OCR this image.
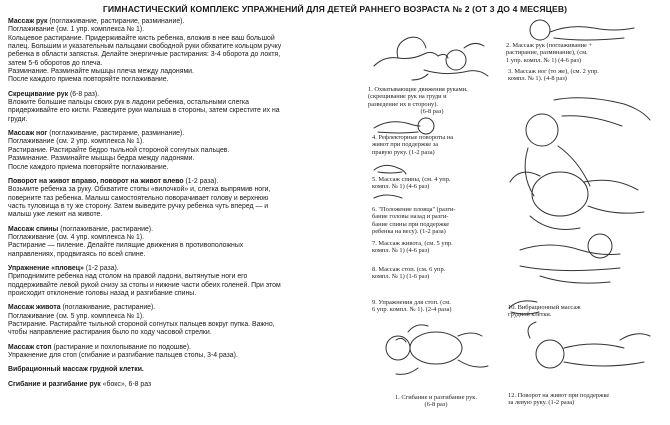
ГИМНАСТИЧЕСКИЙ КОМПЛЕКС УПРАЖНЕНИЙ ДЛЯ ДЕТЕЙ РАННЕГО ВОЗРАСТА № 2 (ОТ 3 ДО 4 МЕСЯЦЕВ)

Массаж рук (поглаживание, растирание, разминание).

Поглаживание (см. 1 упр. комплекса № 1).

Кольцевое растирание. Придерживайте кисть ребенка, вложив в нее ваш большой

палец. Большим и указательным пальцами свободной руки обхватите кольцом ручку

ребенка в области запястья. Делайте энергичные растирания: 3-4 оборота до локтя,

затем 5-6 оборотов до плеча.

Разминание. Разминайте мышцы плеча между ладонями.

После каждого приема повторяйте поглаживание.

Скрещивание рук (6-8 раз).

Вложите большие пальцы своих рук в ладони ребенка, остальными слегка

придерживайте его кисти. Разведите руки малыша в стороны, затем скрестите их на

груди.

Массаж ног (поглаживание, растирание, разминание).

Поглаживание (см. 2 упр. комплекса № 1).

Растирание. Растирайте бедро тыльной стороной согнутых пальцев.

Разминание. Разминайте мышцы бедра между ладонями.

После каждого приема повторяйте поглаживание.

Поворот на живот вправо, поворот на живот влево (1-2 раза).

Возьмите ребенка за руку. Обхватите стопы «вилочкой» и, слегка выпрямив ноги,

поверните таз ребенка. Малыш самостоятельно поворачивает голову и верхнюю

часть туловища в ту же сторону. Затем выведите ручку ребенка чуть вперед — и

малыш уже лежит на животе.

Массаж спины (поглаживание, растирание).

Поглаживание (см. 4 упр. комплекса № 1).

Растирание — пиление. Делайте пилящие движения в противоположных

направлениях, продвигаясь по всей спине.

Упражнение «пловец» (1-2 раза).

Приподнимите ребенка над столом на правой ладони, вытянутые ноги его

поддерживайте левой рукой снизу за стопы и нижние части обеих голеней. При этом

происходит отклонение головы назад и разгибание спины.

Массаж живота (поглаживание, растирание).

Поглаживание (см. 5 упр. комплекса № 1).

Растирание. Растирайте тыльной стороной согнутых пальцев вокруг пупка. Важно,

чтобы направление растирания было по ходу часовой стрелки.

Массаж стоп (растирание и похлопывание по подошве).

Упражнение для стоп (сгибание и разгибание пальцев стопы, 3-4 раза).

Вибрационный массаж грудной клетки.

Сгибание и разгибание рук «бокс», 6-8 раз

1. Охватывающие движения руками.

(скрещивание рук на груди и

разведение их в сторону).

(6-8 раз)

4. Рефлекторные повороты на

живот при поддержке за

правую руку. (1-2 раза)

5. Массаж спины, (см. 4 упр.

компл. № 1) (4-6 раз)

6. "Положение пловца" (разги-

бание головы назад и разги-

бание спины при поддержке

ребенка на весу). (1-2 раза)

7. Массаж живота, (см. 5 упр.

компл. № 1) (4-6 раз)

8. Массаж стоп. (см. 6 упр.

компл. № 1) (1-6 раз)

9. Упражнения для стоп. (см.

6 упр. компл. № 1). (2-4 раза)

1. Сгибание и разгибание рук.

(6-8 раз)

2. Массаж рук (поглаживание +

растирание, разминание), (см.

1 упр. компл. № 1) (4-6 раз)

3. Массаж ног (то же), (см. 2 упр.

компл. № 1). (4-8 раз)

10. Вибрационный массаж

грудной клетки.

12. Поворот на живот при поддержке

за левую руку. (1-2 раза)
